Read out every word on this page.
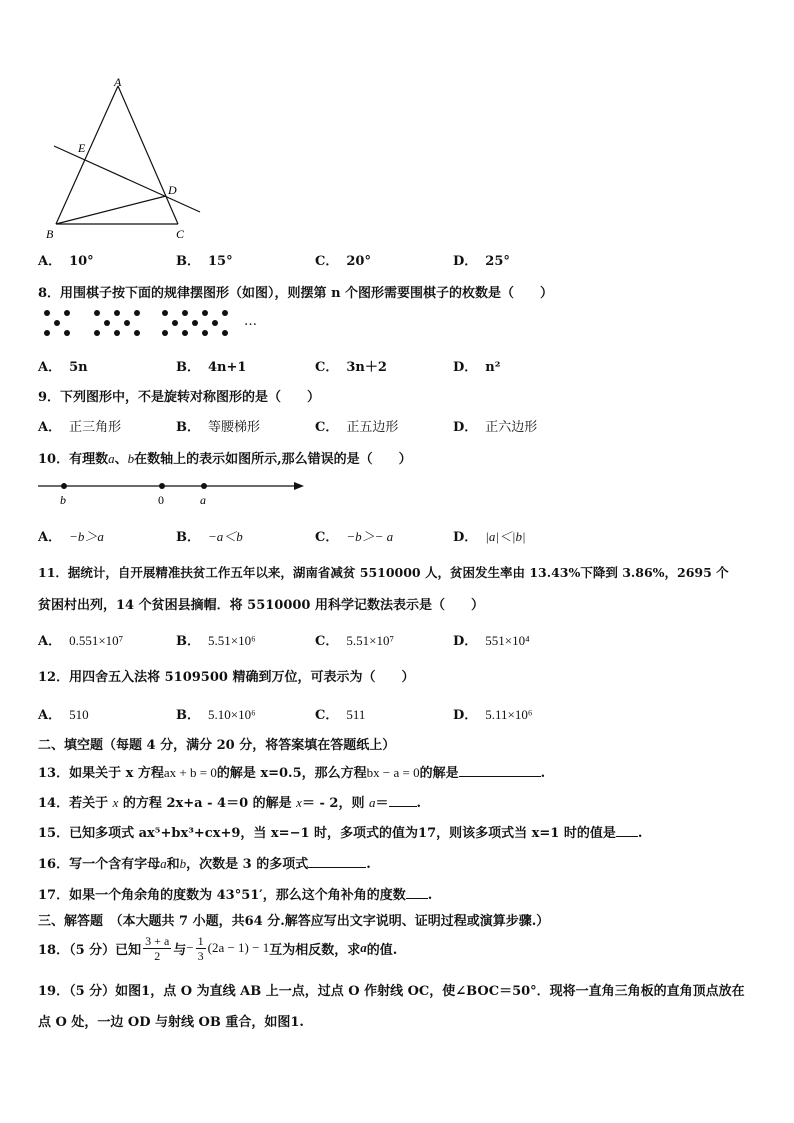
A
E
D
B	C
A． 10°	B． 15°	C． 20°	D． 25°
8．用围棋子按下面的规律摆图形（如图），则摆第 n 个图形需要围棋子的枚数是（　　）
…
A． 5n	B． 4n+1	C． 3n＋2	D． n²
9．下列图形中，不是旋转对称图形的是（　　）
A． 正三角形	B． 等腰梯形	C． 正五边形	D． 正六边形
10．有理数a、b在数轴上的表示如图所示,那么错误的是（　　）
b	0	a
A． −b＞a	B． −a＜b	C． −b＞− a	D． |a|＜|b|
11．据统计，自开展精准扶贫工作五年以来，湖南省减贫 5510000 人，贫困发生率由 13.43%下降到 3.86%，2695 个
贫困村出列，14 个贫困县摘帽．将 5510000 用科学记数法表示是（　　）
A． 0.551×10⁷	B． 5.51×10⁶	C． 5.51×10⁷	D． 551×10⁴
12．用四舍五入法将 5109500 精确到万位，可表示为（　　）
A． 510	B． 5.10×10⁶	C． 511	D． 5.11×10⁶
二、填空题（每题 4 分，满分 20 分，将答案填在答题纸上）
13．如果关于 x 方程ax + b = 0的解是 x=0.5，那么方程bx − a = 0的解是	.
14．若关于 x 的方程 2x+a - 4＝0 的解是 x＝ - 2，则 a＝ .
15．已知多项式 ax⁵+bx³+cx+9，当 x=−1 时，多项式的值为17，则该多项式当 x=1 时的值是 .
16．写一个含有字母a和b，次数是 3 的多项式	.
17．如果一个角余角的度数为 43°51′，那么这个角补角的度数 .
三、解答题　（本大题共 7 小题，共64 分.解答应写出文字说明、证明过程或演算步骤.）
18．（5 分）已知 $\frac{3 + a}{2}$ 与 − $\frac{1}{3} (2a - 1) - 1$ 互为相反数，求 a 的值.
19．（5 分）如图1，点 O 为直线 AB 上一点，过点 O 作射线 OC，使∠BOC＝50°．现将一直角三角板的直角顶点放在
点 O 处，一边 OD 与射线 OB 重合，如图1.
